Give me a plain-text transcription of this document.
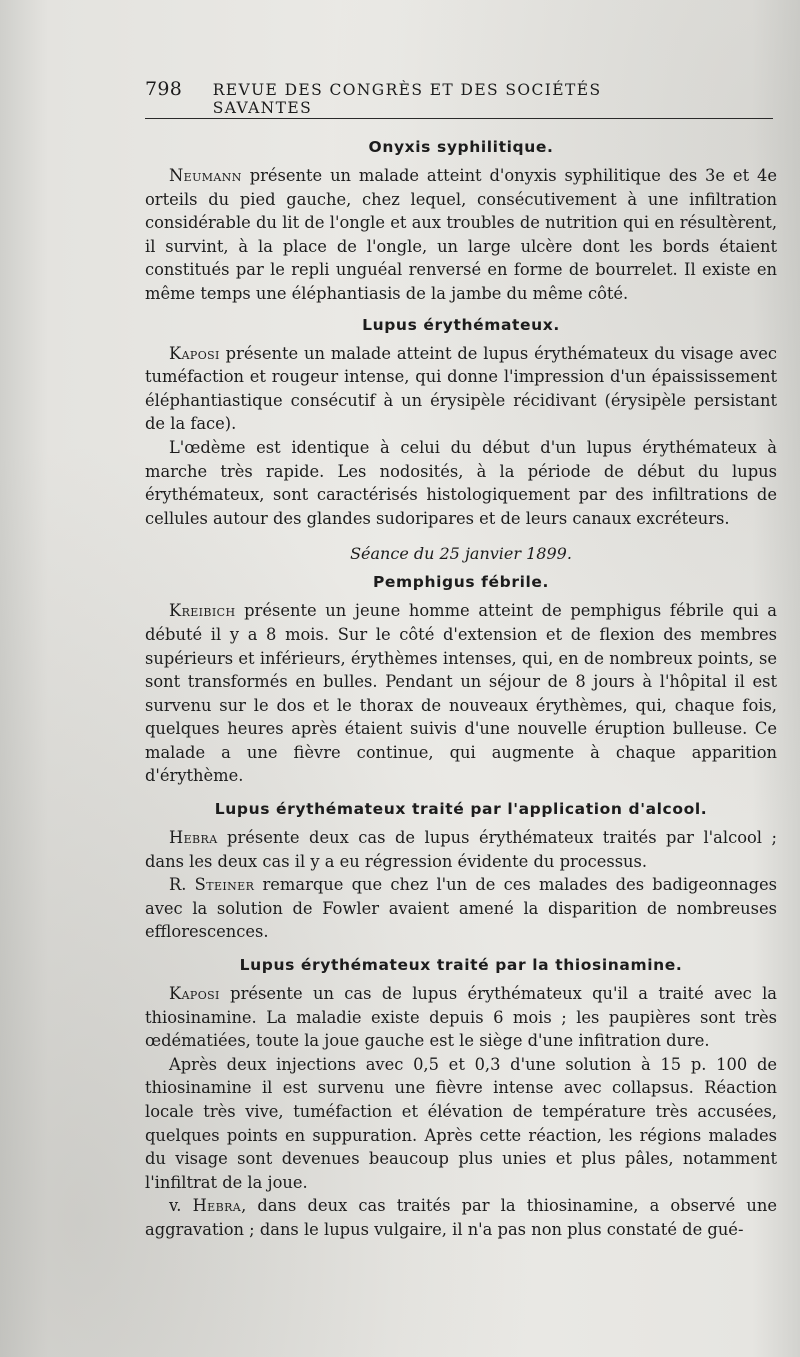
798	REVUE DES CONGRÈS ET DES SOCIÉTÉS SAVANTES
Onyxis syphilitique.

Neumann présente un malade atteint d'onyxis syphilitique des 3e et 4e orteils du pied gauche, chez lequel, consécutivement à une infiltration considérable du lit de l'ongle et aux troubles de nutrition qui en résultèrent, il survint, à la place de l'ongle, un large ulcère dont les bords étaient constitués par le repli unguéal renversé en forme de bourrelet. Il existe en même temps une éléphantiasis de la jambe du même côté.

Lupus érythémateux.

Kaposi présente un malade atteint de lupus érythémateux du visage avec tuméfaction et rougeur intense, qui donne l'impression d'un épaississement éléphantiastique consécutif à un érysipèle récidivant (érysipèle persistant de la face).

L'œdème est identique à celui du début d'un lupus érythémateux à marche très rapide. Les nodosités, à la période de début du lupus érythémateux, sont caractérisés histologiquement par des infiltrations de cellules autour des glandes sudoripares et de leurs canaux excréteurs.

Séance du 25 janvier 1899.
Pemphigus fébrile.

Kreibich présente un jeune homme atteint de pemphigus fébrile qui a débuté il y a 8 mois. Sur le côté d'extension et de flexion des membres supérieurs et inférieurs, érythèmes intenses, qui, en de nombreux points, se sont transformés en bulles. Pendant un séjour de 8 jours à l'hôpital il est survenu sur le dos et le thorax de nouveaux érythèmes, qui, chaque fois, quelques heures après étaient suivis d'une nouvelle éruption bulleuse. Ce malade a une fièvre continue, qui augmente à chaque apparition d'érythème.

Lupus érythémateux traité par l'application d'alcool.

Hebra présente deux cas de lupus érythémateux traités par l'alcool ; dans les deux cas il y a eu régression évidente du processus.

R. Steiner remarque que chez l'un de ces malades des badigeonnages avec la solution de Fowler avaient amené la disparition de nombreuses efflorescences.

Lupus érythémateux traité par la thiosinamine.

Kaposi présente un cas de lupus érythémateux qu'il a traité avec la thiosinamine. La maladie existe depuis 6 mois ; les paupières sont très œdématiées, toute la joue gauche est le siège d'une infitration dure.

Après deux injections avec 0,5 et 0,3 d'une solution à 15 p. 100 de thiosinamine il est survenu une fièvre intense avec collapsus. Réaction locale très vive, tuméfaction et élévation de température très accusées, quelques points en suppuration. Après cette réaction, les régions malades du visage sont devenues beaucoup plus unies et plus pâles, notamment l'infiltrat de la joue.

v. Hebra, dans deux cas traités par la thiosinamine, a observé une aggravation ; dans le lupus vulgaire, il n'a pas non plus constaté de gué-
